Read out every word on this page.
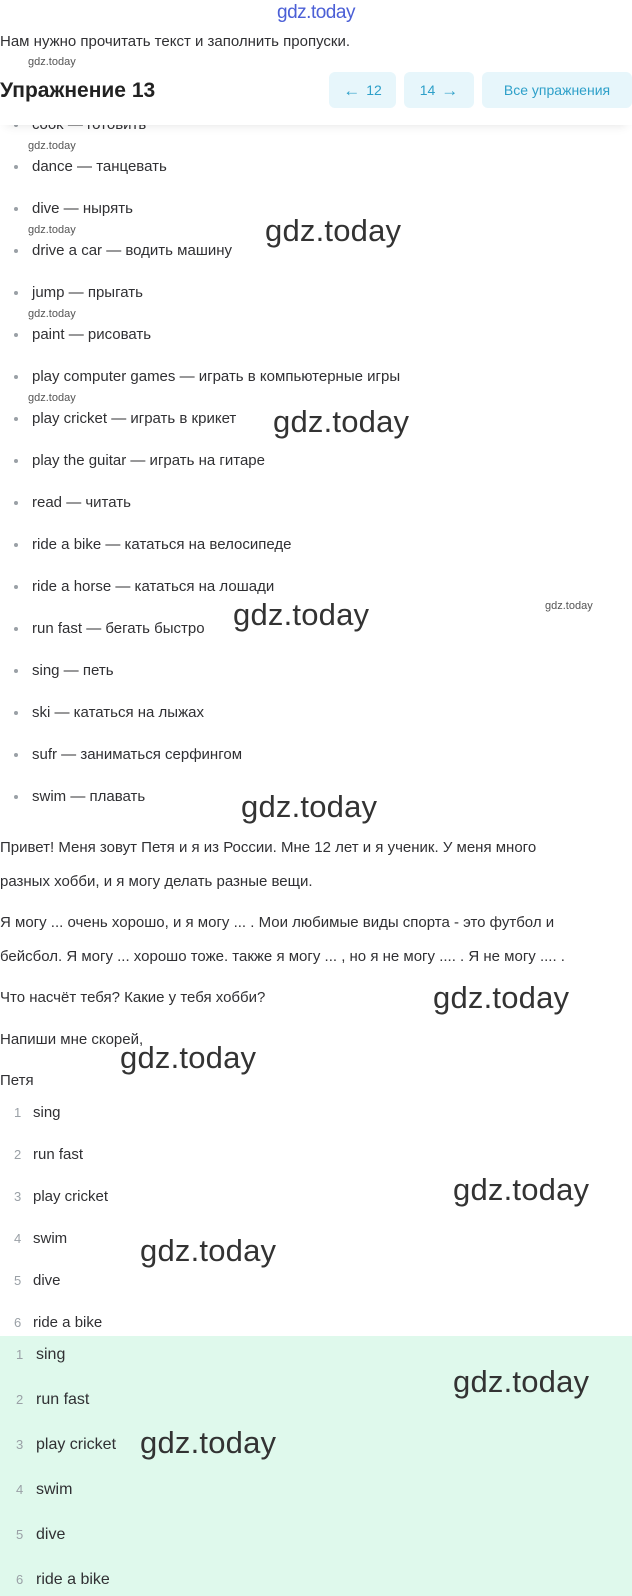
gdz.today
Нам нужно прочитать текст и заполнить пропуски.
dance — танцевать
dive — нырять
drive a car — водить машину
jump — прыгать
paint — рисовать
play computer games — играть в компьютерные игры
play cricket — играть в крикет
play the guitar — играть на гитаре
read — читать
ride a bike — кататься на велосипеде
ride a horse — кататься на лошади
run fast — бегать быстро
sing — петь
ski — кататься на лыжах
sufr — заниматься серфингом
swim — плавать
Упражнение 13	← 12	14 →	Все упражнения
Привет! Меня зовут Петя и я из России. Мне 12 лет и я ученик. У меня много
разных хобби, и я могу делать разные вещи.
Я могу ... очень хорошо, и я могу ... . Мои любимые виды спорта - это футбол и
бейсбол. Я могу ... хорошо тоже. также я могу ... , но я не могу .... . Я не могу .... .
Что насчёт тебя? Какие у тебя хобби?
Напиши мне скорей,
Петя
1 sing
2 run fast
3 play cricket
4 swim
5 dive
6 ride a bike
1 sing
2 run fast
3 play cricket
4 swim
5 dive
6 ride a bike
gdz.today
gdz.today
gdz.today
gdz.today
gdz.today
gdz.today
gdz.today
gdz.today
gdz.today
gdz.today
gdz.today
gdz.today
gdz.today
gdz.today
gdz.today
gdz.today
